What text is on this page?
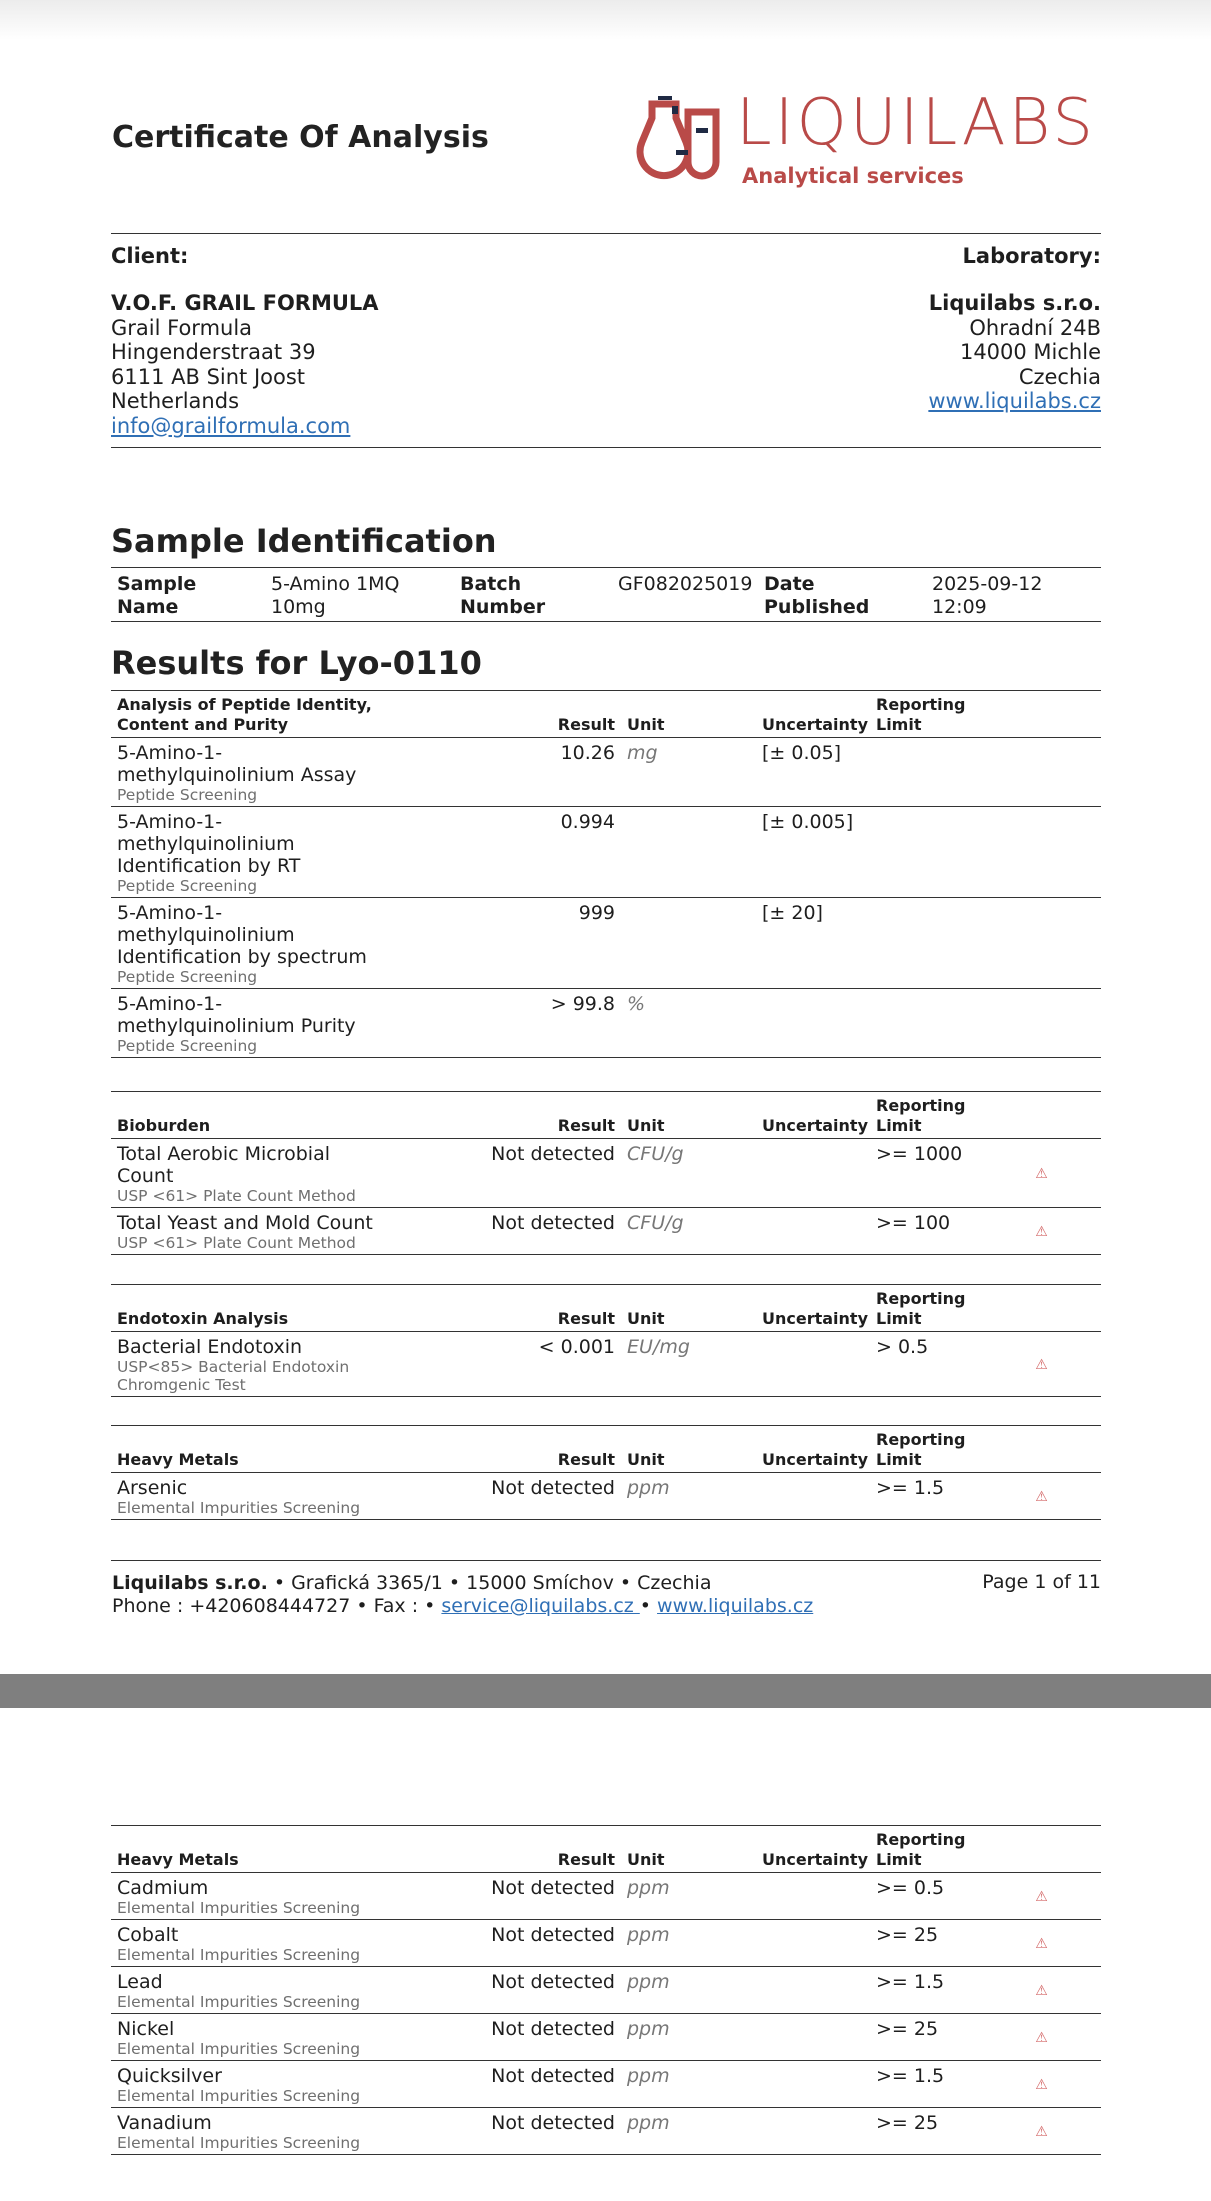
Certificate Of Analysis	LIQUILABS
Analytical services
Client:	Laboratory:
V.O.F. GRAIL FORMULA
Grail Formula
Hingenderstraat 39
6111 AB Sint Joost
Netherlands
info@grailformula.com
Liquilabs s.r.o.
Ohradní 24B
14000 Michle
Czechia
www.liquilabs.cz
Sample Identification
Sample Name	5-Amino 1MQ 10mg	Batch Number	GF082025019	Date Published	2025-09-12 12:09
Results for Lyo-0110
Analysis of Peptide Identity, Content and Purity	Result	Unit	Uncertainty	Reporting Limit	
5-Amino-1-methylquinolinium Assay
Peptide Screening	10.26	mg	[± 0.05]		
5-Amino-1-methylquinolinium Identification by RT
Peptide Screening	0.994		[± 0.005]		
5-Amino-1-methylquinolinium Identification by spectrum
Peptide Screening	999		[± 20]		
5-Amino-1-methylquinolinium Purity
Peptide Screening	> 99.8	%			
Bioburden	Result	Unit	Uncertainty	Reporting Limit	
Total Aerobic Microbial Count
USP <61> Plate Count Method	Not detected	CFU/g		>= 1000	⚠
Total Yeast and Mold Count
USP <61> Plate Count Method	Not detected	CFU/g		>= 100	⚠
Endotoxin Analysis	Result	Unit	Uncertainty	Reporting Limit	
Bacterial Endotoxin
USP<85> Bacterial Endotoxin Chromgenic Test	< 0.001	EU/mg		> 0.5	⚠
Heavy Metals	Result	Unit	Uncertainty	Reporting Limit	
Arsenic
Elemental Impurities Screening	Not detected	ppm		>= 1.5	⚠
Heavy Metals	Result	Unit	Uncertainty	Reporting Limit	
Cadmium
Elemental Impurities Screening	Not detected	ppm		>= 0.5	⚠
Cobalt
Elemental Impurities Screening	Not detected	ppm		>= 25	⚠
Lead
Elemental Impurities Screening	Not detected	ppm		>= 1.5	⚠
Nickel
Elemental Impurities Screening	Not detected	ppm		>= 25	⚠
Quicksilver
Elemental Impurities Screening	Not detected	ppm		>= 1.5	⚠
Vanadium
Elemental Impurities Screening	Not detected	ppm		>= 25	⚠
Liquilabs s.r.o. • Grafická 3365/1 • 15000 Smíchov • Czechia
Phone : +420608444727 • Fax : • service@liquilabs.cz • www.liquilabs.cz
Page 1 of 11
